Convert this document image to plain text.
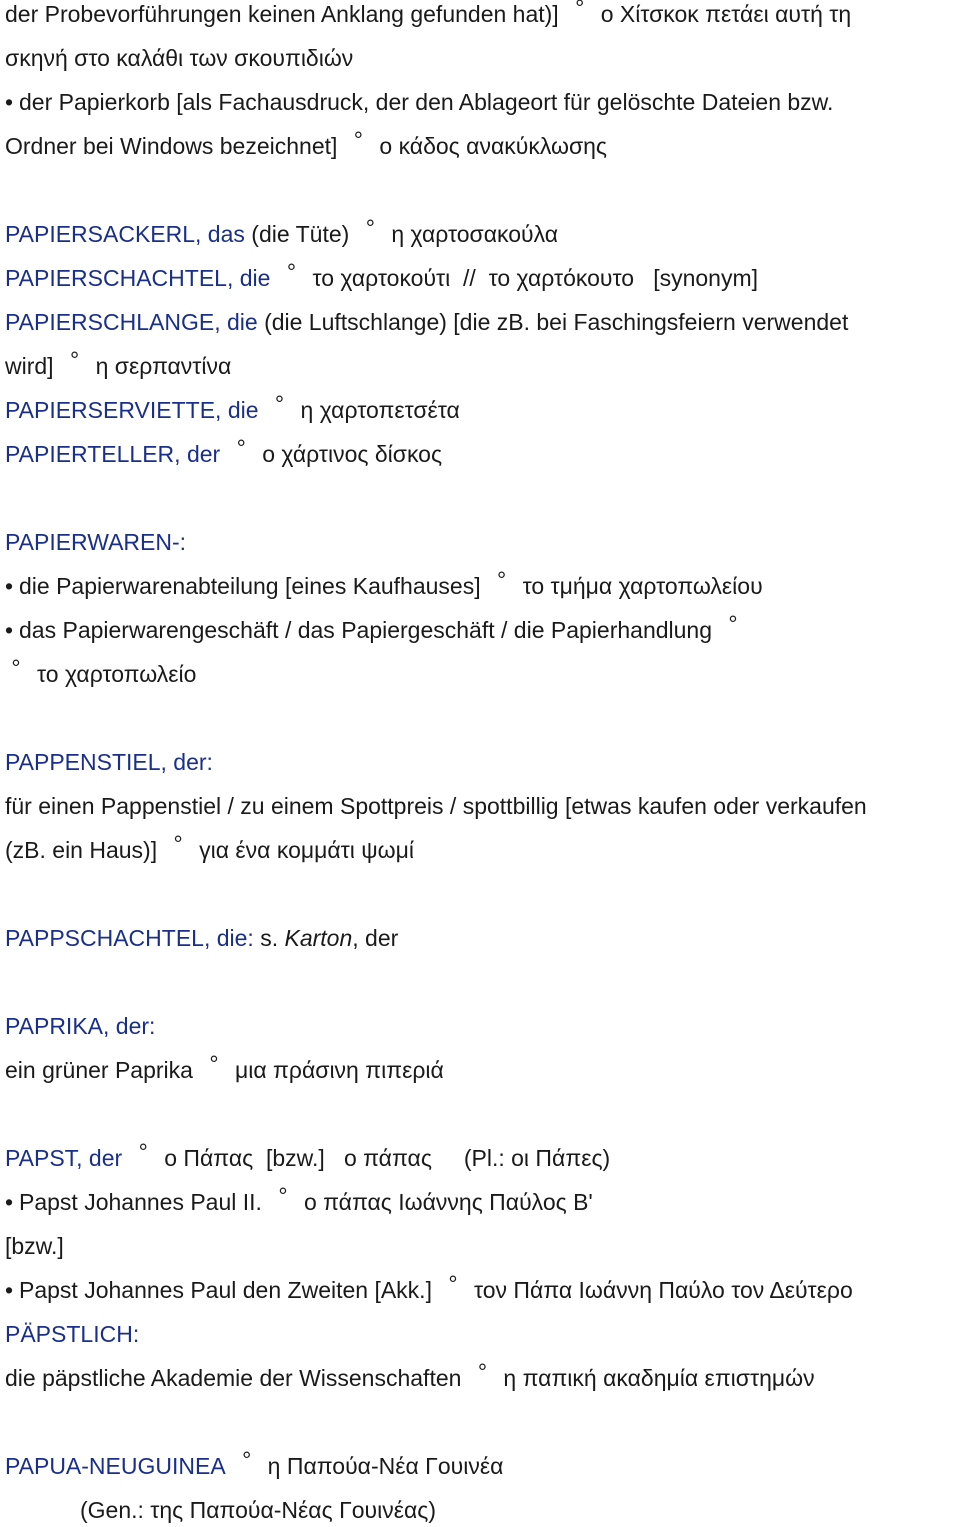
der Probevorführungen keinen Anklang gefunden hat)] ° ο Χίτσκοκ πετάει αυτή τη
σκηνή στο καλάθι των σκουπιδιών
• der Papierkorb [als Fachausdruck, der den Ablageort für gelöschte Dateien bzw.
Ordner bei Windows bezeichnet] ° ο κάδος ανακύκλωσης
PAPIERSACKERL, das (die Tüte) ° η χαρτοσακούλα
PAPIERSCHACHTEL, die ° το χαρτοκούτι  //  το χαρτόκουτο   [synonym]
PAPIERSCHLANGE, die (die Luftschlange) [die zB. bei Faschingsfeiern verwendet
wird] ° η σερπαντίνα
PAPIERSERVIETTE, die ° η χαρτοπετσέτα
PAPIERTELLER, der ° ο χάρτινος δίσκος
PAPIERWAREN-:
• die Papierwarenabteilung [eines Kaufhauses] ° το τμήμα χαρτοπωλείου
• das Papierwarengeschäft / das Papiergeschäft / die Papierhandlung°
°το χαρτοπωλείο
PAPPENSTIEL, der:
für einen Pappenstiel / zu einem Spottpreis / spottbillig [etwas kaufen oder verkaufen
(zB. ein Haus)] ° για ένα κομμάτι ψωμί
PAPPSCHACHTEL, die: s. Karton, der
PAPRIKA, der:
ein grüner Paprika ° μια πράσινη πιπεριά
PAPST, der ° ο Πάπας  [bzw.]   ο πάπας     (Pl.: οι Πάπες)
• Papst Johannes Paul II. ° ο πάπας Ιωάννης Παύλος Β'
[bzw.]
• Papst Johannes Paul den Zweiten [Akk.] ° τον Πάπα Ιωάννη Παύλο τον Δεύτερο
PÄPSTLICH:
die päpstliche Akademie der Wissenschaften ° η παπική ακαδημία επιστημών
PAPUA-NEUGUINEA ° η Παπούα-Νέα Γουινέα
(Gen.: της Παπούα-Νέας Γουινέας)
